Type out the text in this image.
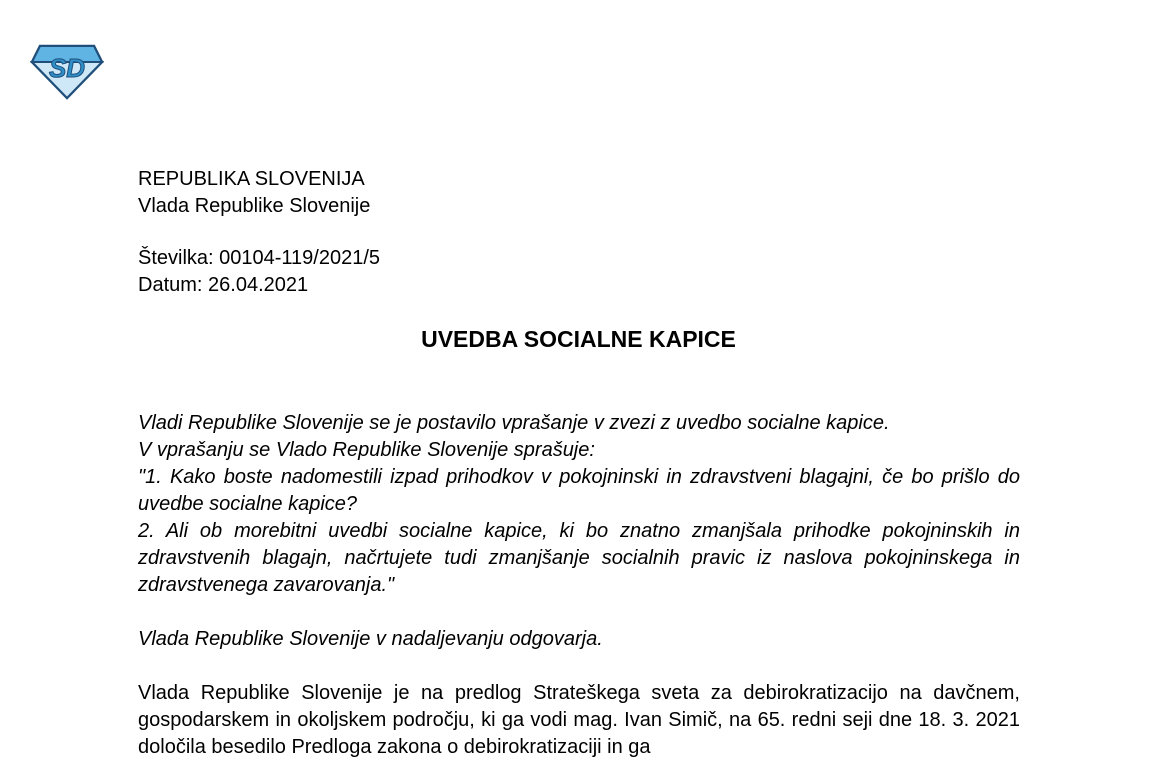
SD
REPUBLIKA SLOVENIJA
Vlada Republike Slovenije
Številka: 00104-119/2021/5
Datum: 26.04.2021
UVEDBA SOCIALNE KAPICE

Vladi Republike Slovenije se je postavilo vprašanje v zvezi z uvedbo socialne kapice.

V vprašanju se Vlado Republike Slovenije sprašuje:

"1. Kako boste nadomestili izpad prihodkov v pokojninski in zdravstveni blagajni, če bo prišlo do uvedbe socialne kapice?

2. Ali ob morebitni uvedbi socialne kapice, ki bo znatno zmanjšala prihodke pokojninskih in zdravstvenih blagajn, načrtujete tudi zmanjšanje socialnih pravic iz naslova pokojninskega in zdravstvenega zavarovanja."

Vlada Republike Slovenije v nadaljevanju odgovarja.

Vlada Republike Slovenije je na predlog Strateškega sveta za debirokratizacijo na davčnem, gospodarskem in okoljskem področju, ki ga vodi mag. Ivan Simič, na 65. redni seji dne 18. 3. 2021 določila besedilo Predloga zakona o debirokratizaciji in ga
